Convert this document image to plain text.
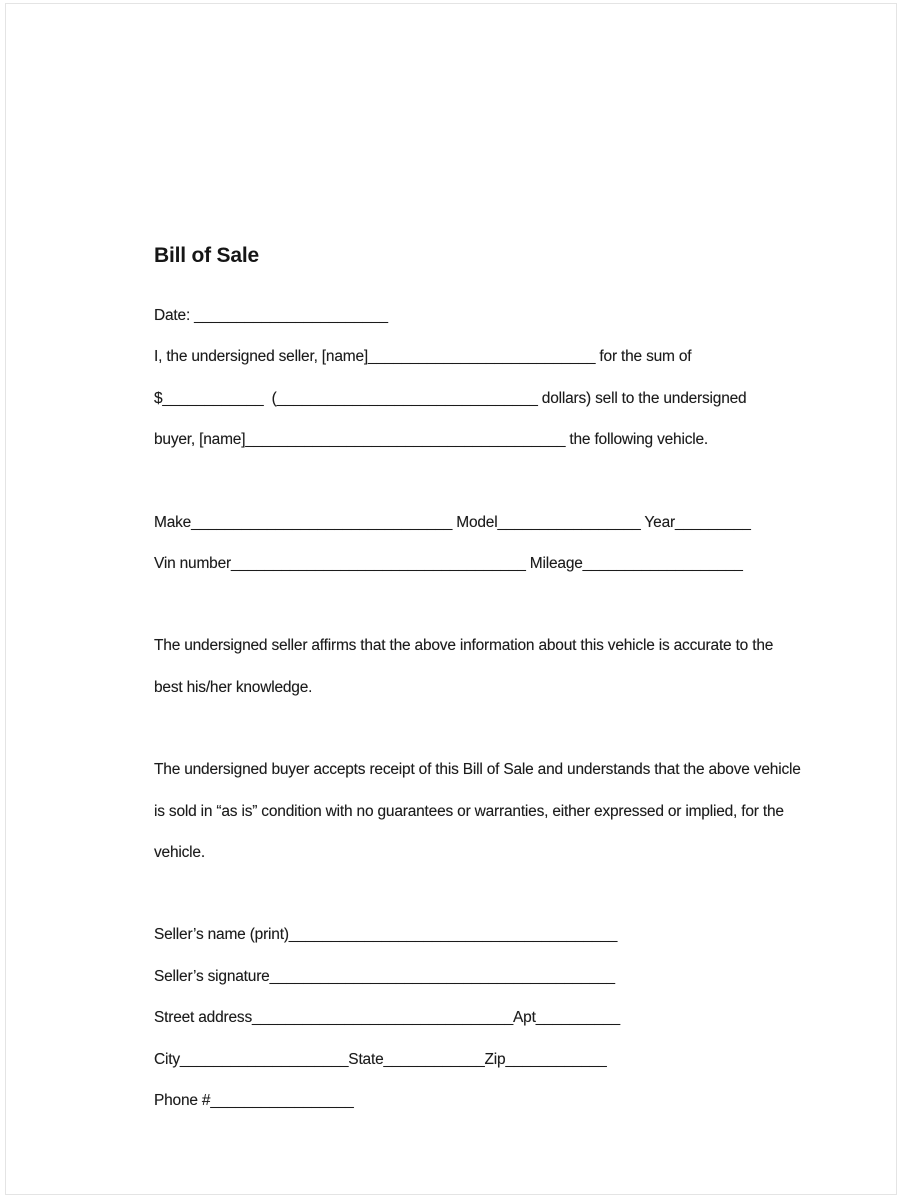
Bill of Sale
Date: _______________________
I, the undersigned seller, [name]___________________________ for the sum of
$____________  (_______________________________ dollars) sell to the undersigned
buyer, [name]______________________________________ the following vehicle.
Make_______________________________ Model_________________ Year_________
Vin number___________________________________ Mileage___________________
The undersigned seller affirms that the above information about this vehicle is accurate to the
best his/her knowledge.
The undersigned buyer accepts receipt of this Bill of Sale and understands that the above vehicle
is sold in “as is” condition with no guarantees or warranties, either expressed or implied, for the
vehicle.
Seller’s name (print)_______________________________________
Seller’s signature_________________________________________
Street address_______________________________Apt__________
City____________________State____________Zip____________
Phone #_________________
